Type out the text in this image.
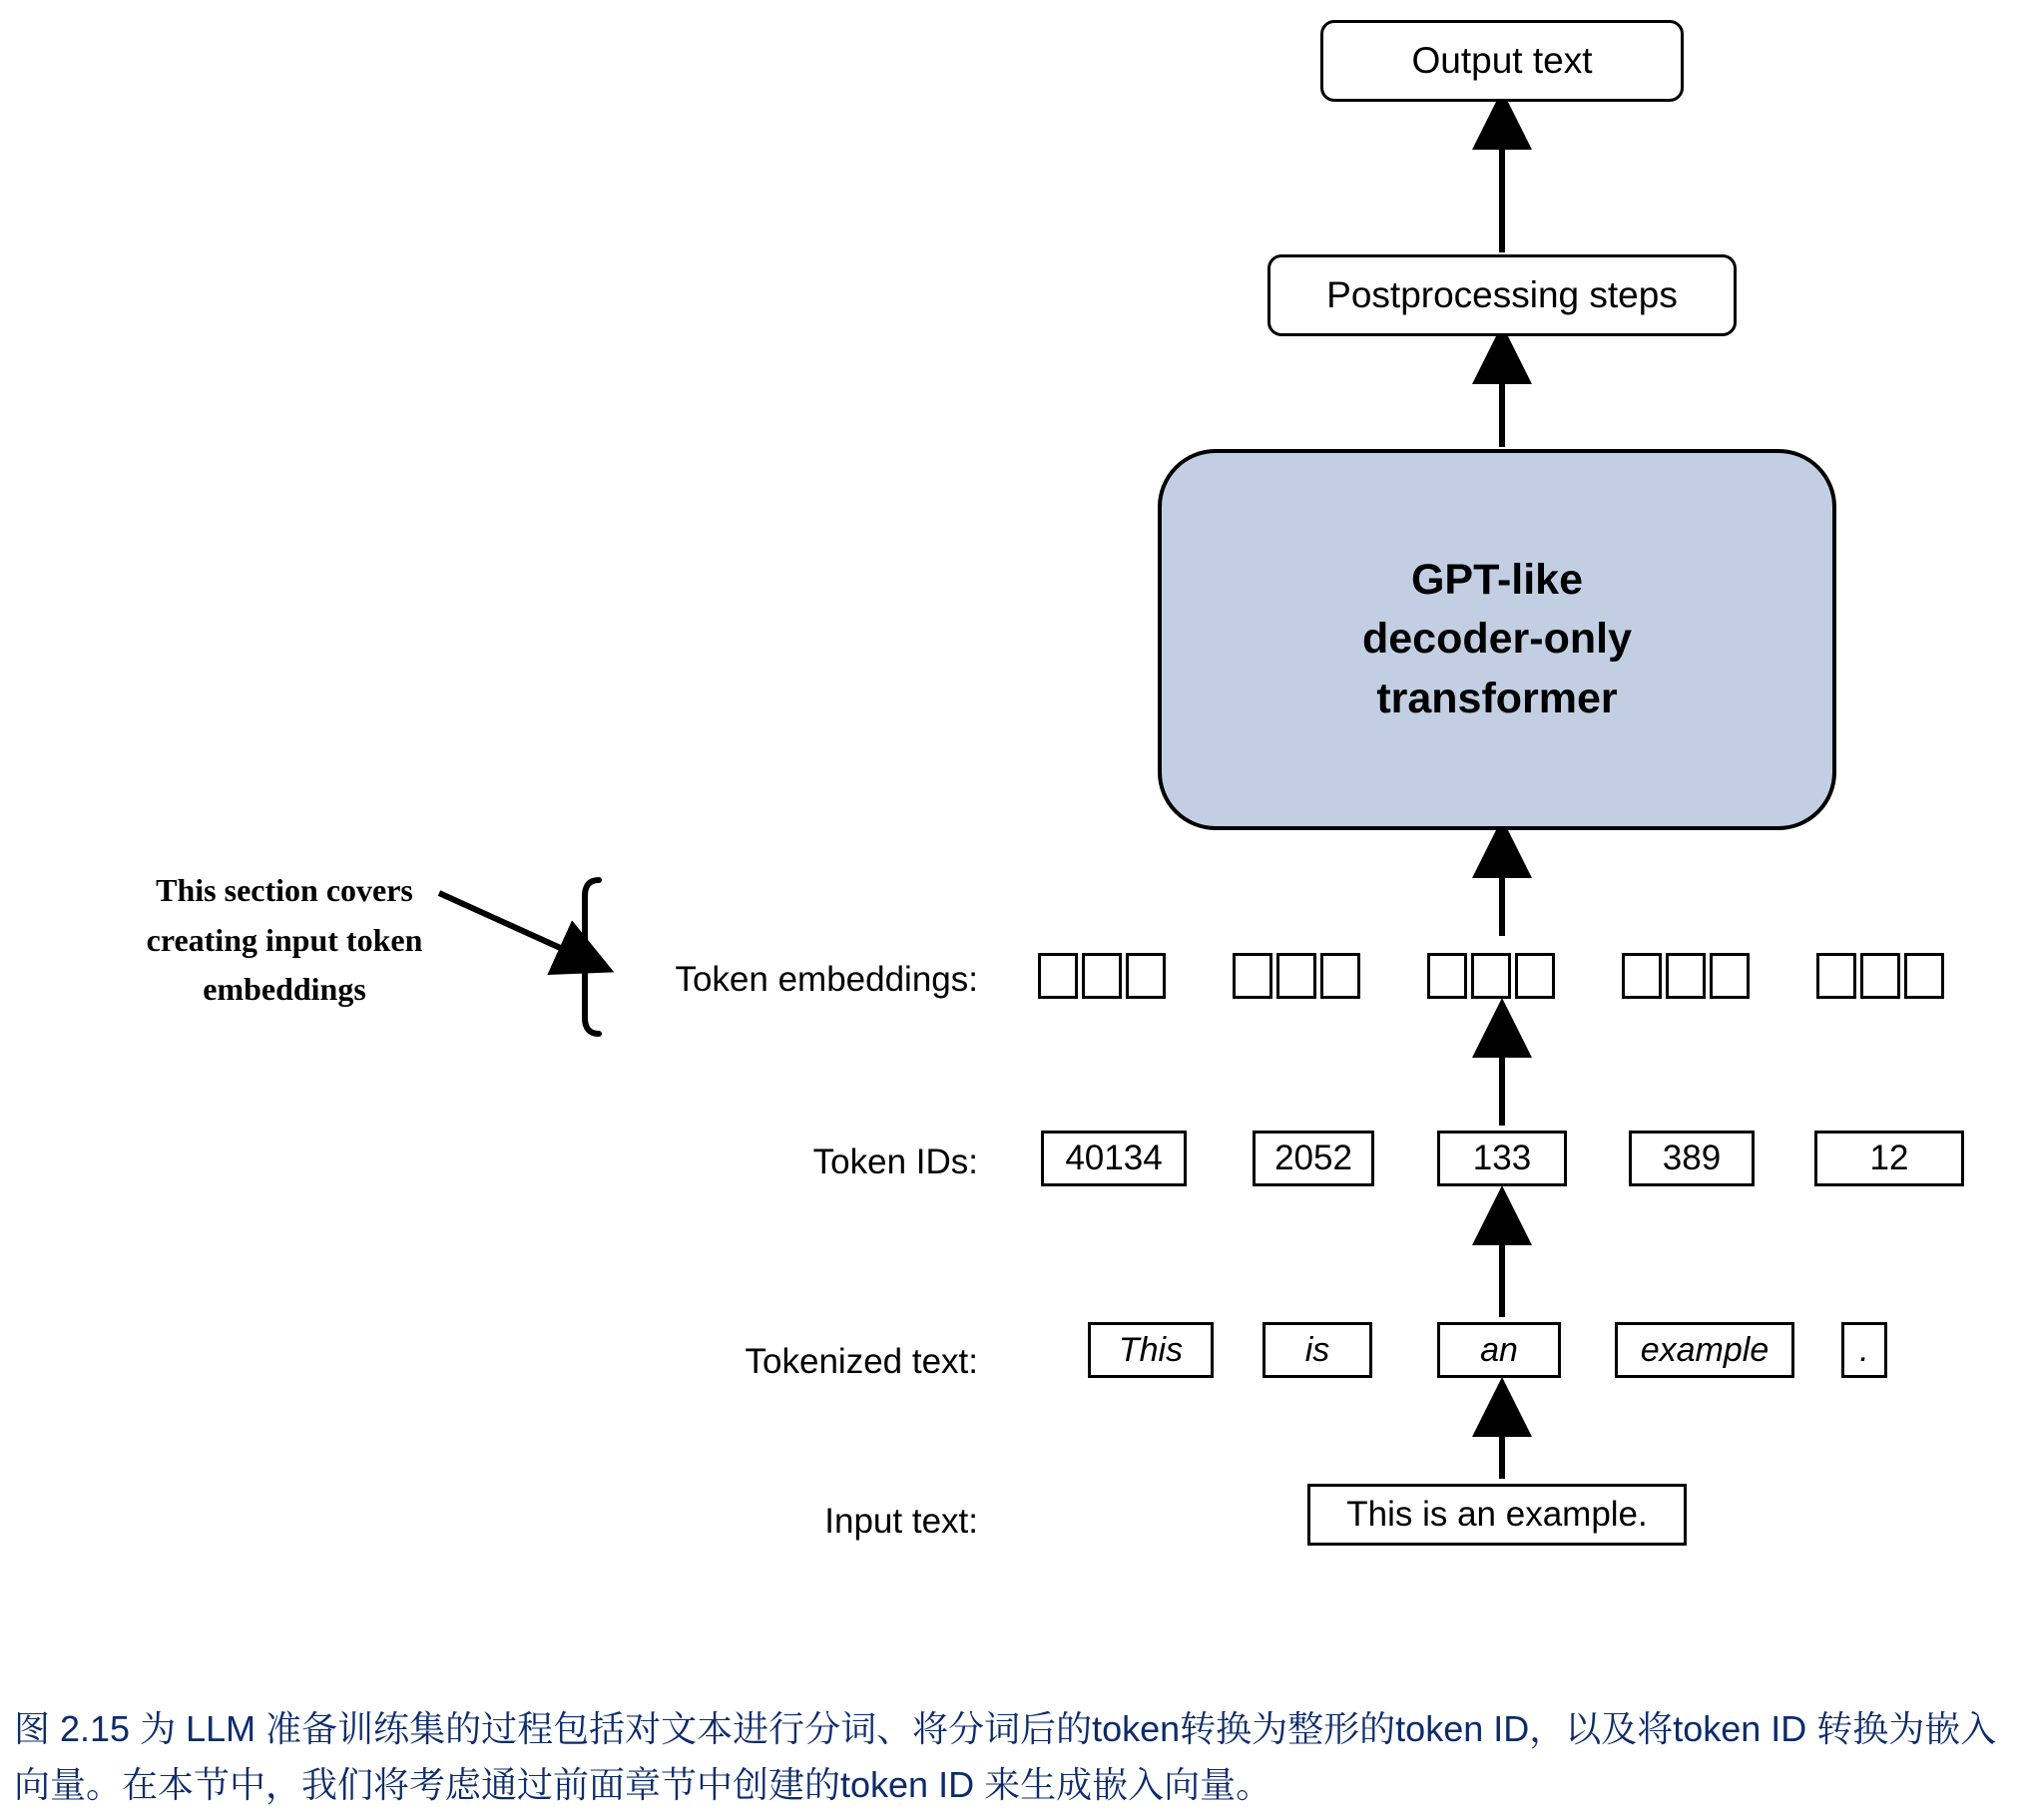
Output text
Postprocessing steps
GPT-like
decoder-only
transformer
This section covers creating input token embeddings	Token embeddings:
Token IDs:
Tokenized text:
Input text:
40134	2052	133	389	12
This	is	an	example	.
This is an example.
图 2.15 为 LLM 准备训练集的过程包括对文本进行分词、将分词后的token转换为整形的token ID，以及将token ID 转换为嵌入向量。在本节中，我们将考虑通过前面章节中创建的token ID 来生成嵌入向量。
